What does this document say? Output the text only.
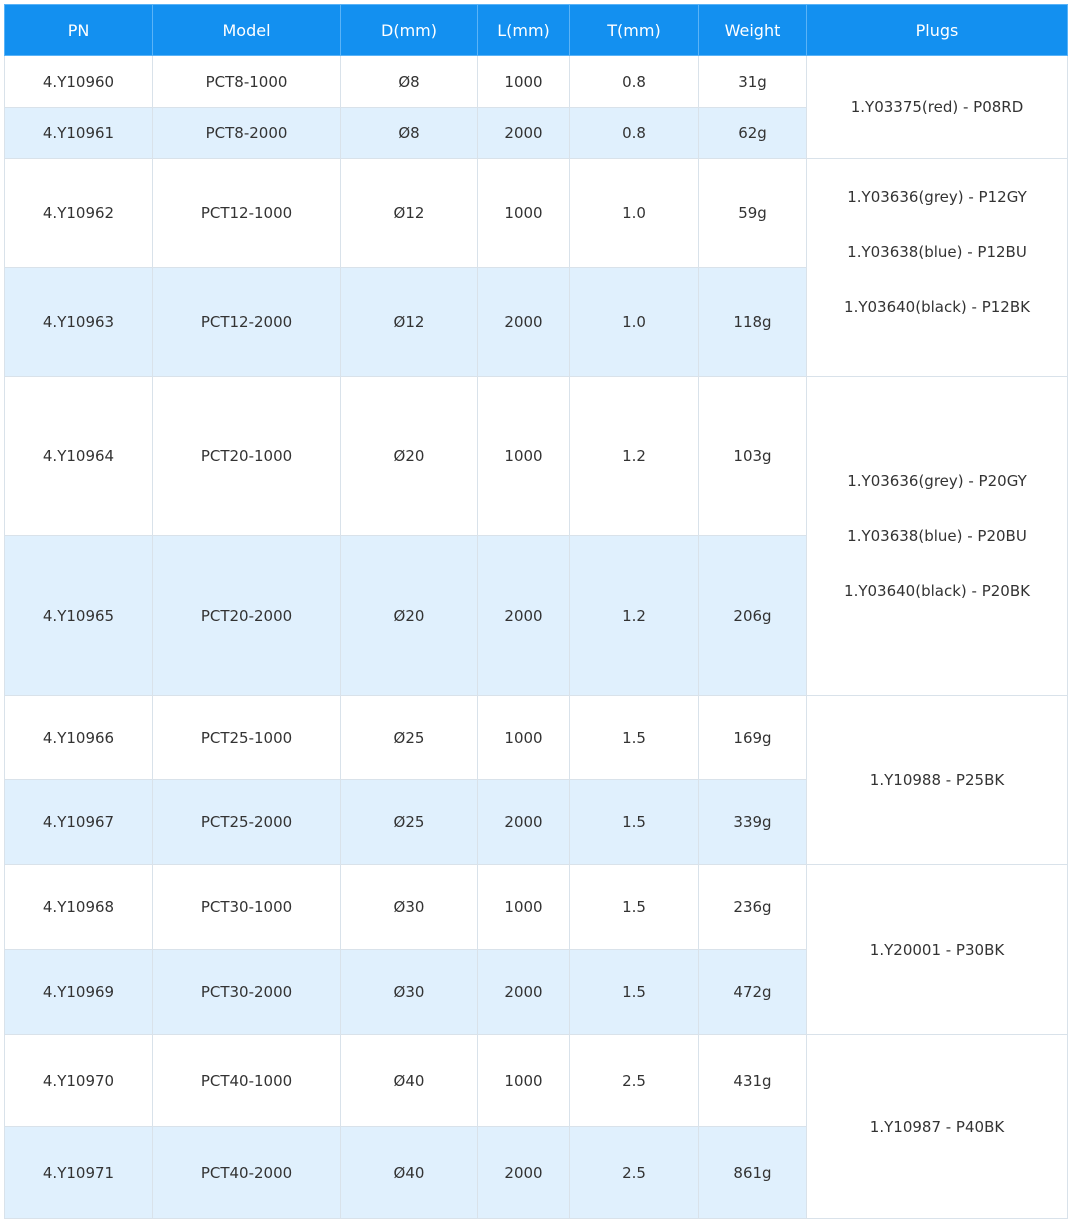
PN	Model	D(mm)	L(mm)	T(mm)	Weight	Plugs
4.Y10960	PCT8-1000	Ø8	1000	0.8	31g	1.Y03375(red) - P08RD

4.Y10961	PCT8-2000	Ø8	2000	0.8	62g	
4.Y10962	PCT12-1000	Ø12	1000	1.0	59g	1.Y03636(grey) - P12GY
1.Y03638(blue) - P12BU
1.Y03640(black) - P12BK

4.Y10963	PCT12-2000	Ø12	2000	1.0	118g	
4.Y10964	PCT20-1000	Ø20	1000	1.2	103g	1.Y03636(grey) - P20GY
1.Y03638(blue) - P20BU
1.Y03640(black) - P20BK

4.Y10965	PCT20-2000	Ø20	2000	1.2	206g	
4.Y10966	PCT25-1000	Ø25	1000	1.5	169g	1.Y10988 - P25BK

4.Y10967	PCT25-2000	Ø25	2000	1.5	339g	
4.Y10968	PCT30-1000	Ø30	1000	1.5	236g	1.Y20001 - P30BK

4.Y10969	PCT30-2000	Ø30	2000	1.5	472g	
4.Y10970	PCT40-1000	Ø40	1000	2.5	431g	1.Y10987 - P40BK

4.Y10971	PCT40-2000	Ø40	2000	2.5	861g	
